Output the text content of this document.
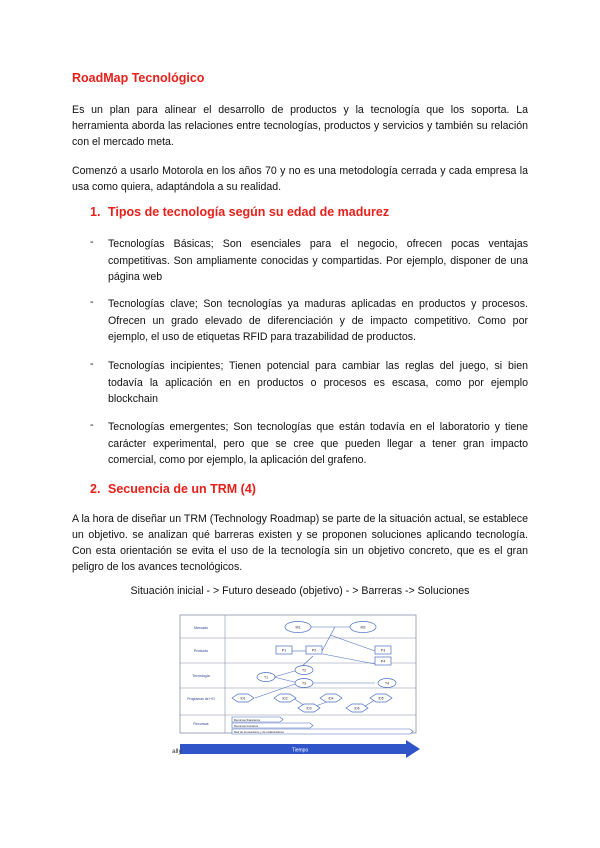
RoadMap Tecnológico

Es un plan para alinear el desarrollo de productos y la tecnología que los soporta. La herramienta aborda las relaciones entre tecnologías, productos y servicios y también su relación con el mercado meta.

Comenzó a usarlo Motorola en los años 70 y no es una metodología cerrada y cada empresa la usa como quiera, adaptándola a su realidad.

1. Tipos de tecnología según su edad de madurez
- Tecnologías Básicas; Son esenciales para el negocio, ofrecen pocas ventajas competitivas. Son ampliamente conocidas y compartidas. Por ejemplo, disponer de una página web

- Tecnologías clave; Son tecnologías ya maduras aplicadas en productos y procesos. Ofrecen un grado elevado de diferenciación y de impacto competitivo. Como por ejemplo, el uso de etiquetas RFID para trazabilidad de productos.

- Tecnologías incipientes; Tienen potencial para cambiar las reglas del juego, si bien todavía la aplicación en en productos o procesos es escasa, como por ejemplo blockchain

- Tecnologías emergentes; Son tecnologías que están todavía en el laboratorio y tiene carácter experimental, pero que se cree que pueden llegar a tener gran impacto comercial, como por ejemplo, la aplicación del grafeno.

2. Secuencia de un TRM (4)

A la hora de diseñar un TRM (Technology Roadmap) se parte de la situación actual, se establece un objetivo. se analizan qué barreras existen y se proponen soluciones aplicando tecnología. Con esta orientación se evita el uso de la tecnología sin un objetivo concreto, que es el gran peligro de los avances tecnológicos.

Situación inicial - > Futuro deseado (objetivo) - > Barreras -> Soluciones

Mercado
Producto
Tecnología
Programas de I+D
Recursos
M1	M2
P1	P2	P3
P4
T1
T2
T3	T4
ID1	ID2
ID3
ID4	ID5
ID6
Recursos financieros
Recursos humanos
Red de proveedores y de colaboradores
Tiempo
ally
